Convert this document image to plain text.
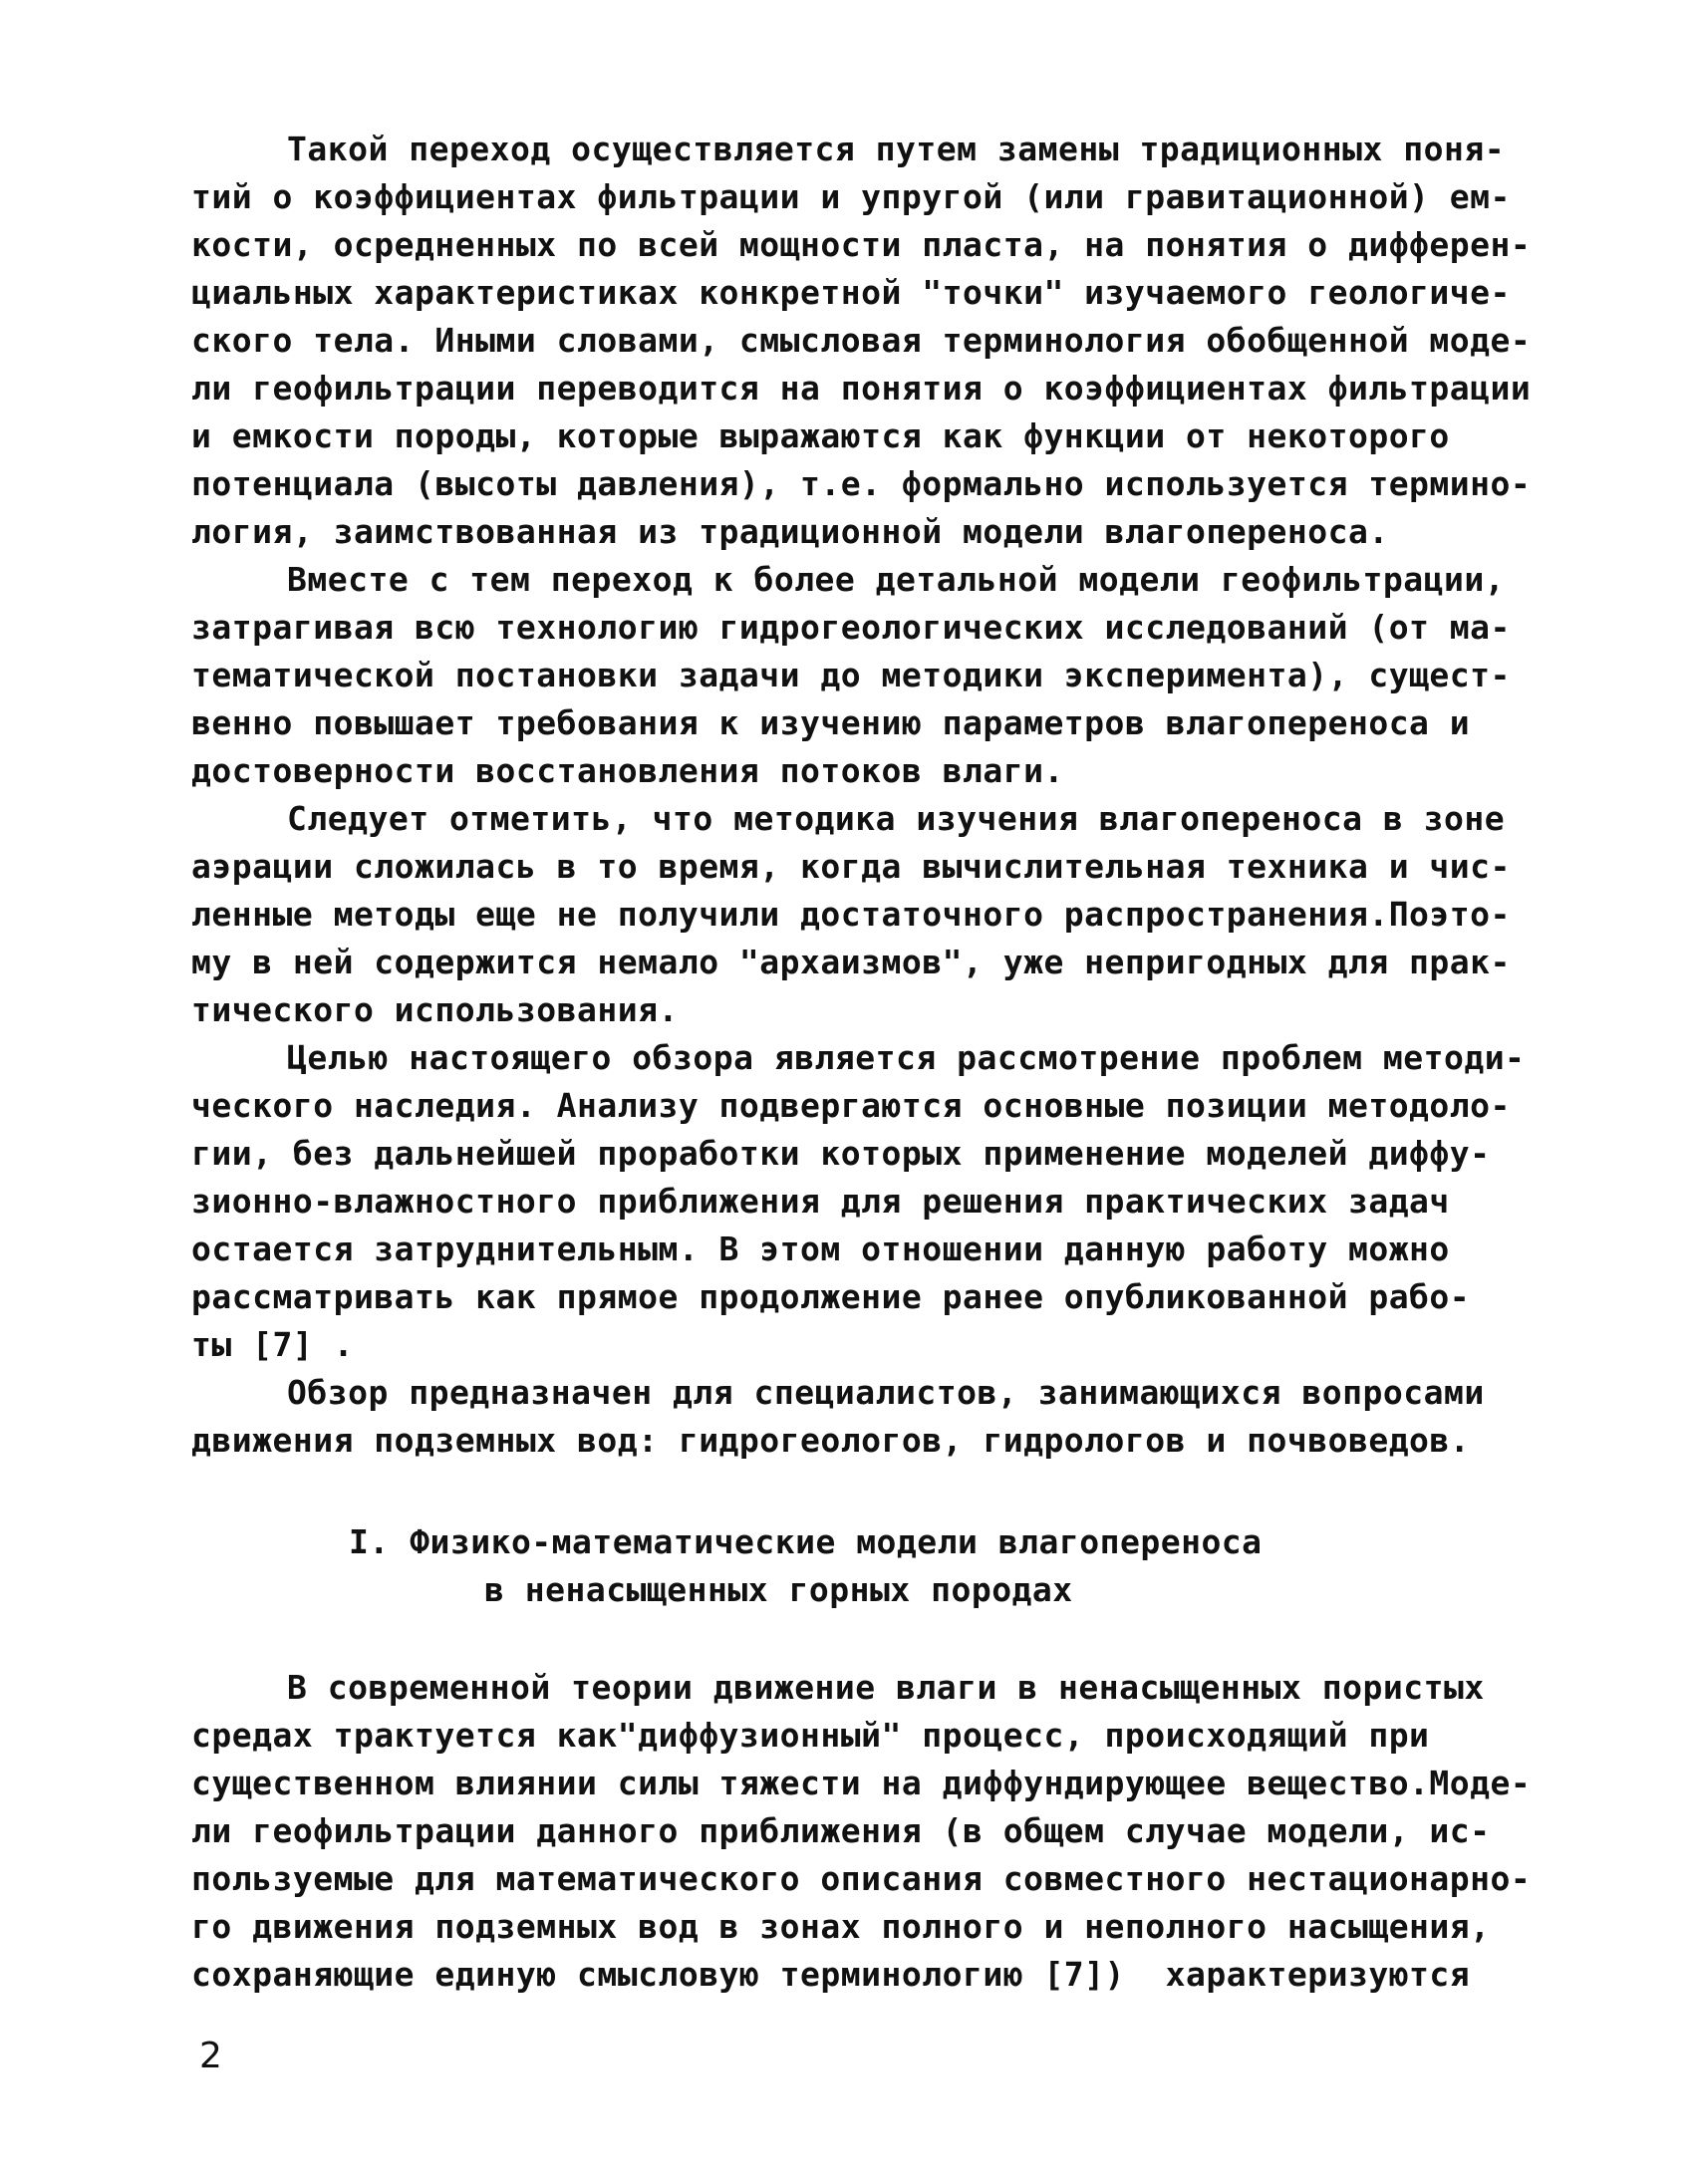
Такой переход осуществляется путем замены традиционных поня-
тий о коэффициентах фильтрации и упругой (или гравитационной) ем-
кости, осредненных по всей мощности пласта, на понятия о дифферен-
циальных характеристиках конкретной "точки" изучаемого геологиче-
ского тела. Иными словами, смысловая терминология обобщенной моде-
ли геофильтрации переводится на понятия о коэффициентах фильтрации
и емкости породы, которые выражаются как функции от некоторого
потенциала (высоты давления), т.е. формально используется термино-
логия, заимствованная из традиционной модели влагопереноса.
Вместе с тем переход к более детальной модели геофильтрации,
затрагивая всю технологию гидрогеологических исследований (от ма-
тематической постановки задачи до методики эксперимента), сущест-
венно повышает требования к изучению параметров влагопереноса и
достоверности восстановления потоков влаги.
Следует отметить, что методика изучения влагопереноса в зоне
аэрации сложилась в то время, когда вычислительная техника и чис-
ленные методы еще не получили достаточного распространения.Поэто-
му в ней содержится немало "архаизмов", уже непригодных для прак-
тического использования.
Целью настоящего обзора является рассмотрение проблем методи-
ческого наследия. Анализу подвергаются основные позиции методоло-
гии, без дальнейшей проработки которых применение моделей диффу-
зионно-влажностного приближения для решения практических задач
остается затруднительным. В этом отношении данную работу можно
рассматривать как прямое продолжение ранее опубликованной рабо-
ты [7] .
Обзор предназначен для специалистов, занимающихся вопросами
движения подземных вод: гидрогеологов, гидрологов и почвоведов.
I. Физико-математические модели влагопереноса
в ненасыщенных горных породах
В современной теории движение влаги в ненасыщенных пористых
средах трактуется как"диффузионный" процесс, происходящий при
существенном влиянии силы тяжести на диффундирующее вещество.Моде-
ли геофильтрации данного приближения (в общем случае модели, ис-
пользуемые для математического описания совместного нестационарно-
го движения подземных вод в зонах полного и неполного насыщения,
сохраняющие единую смысловую терминологию [7])  характеризуются
2
